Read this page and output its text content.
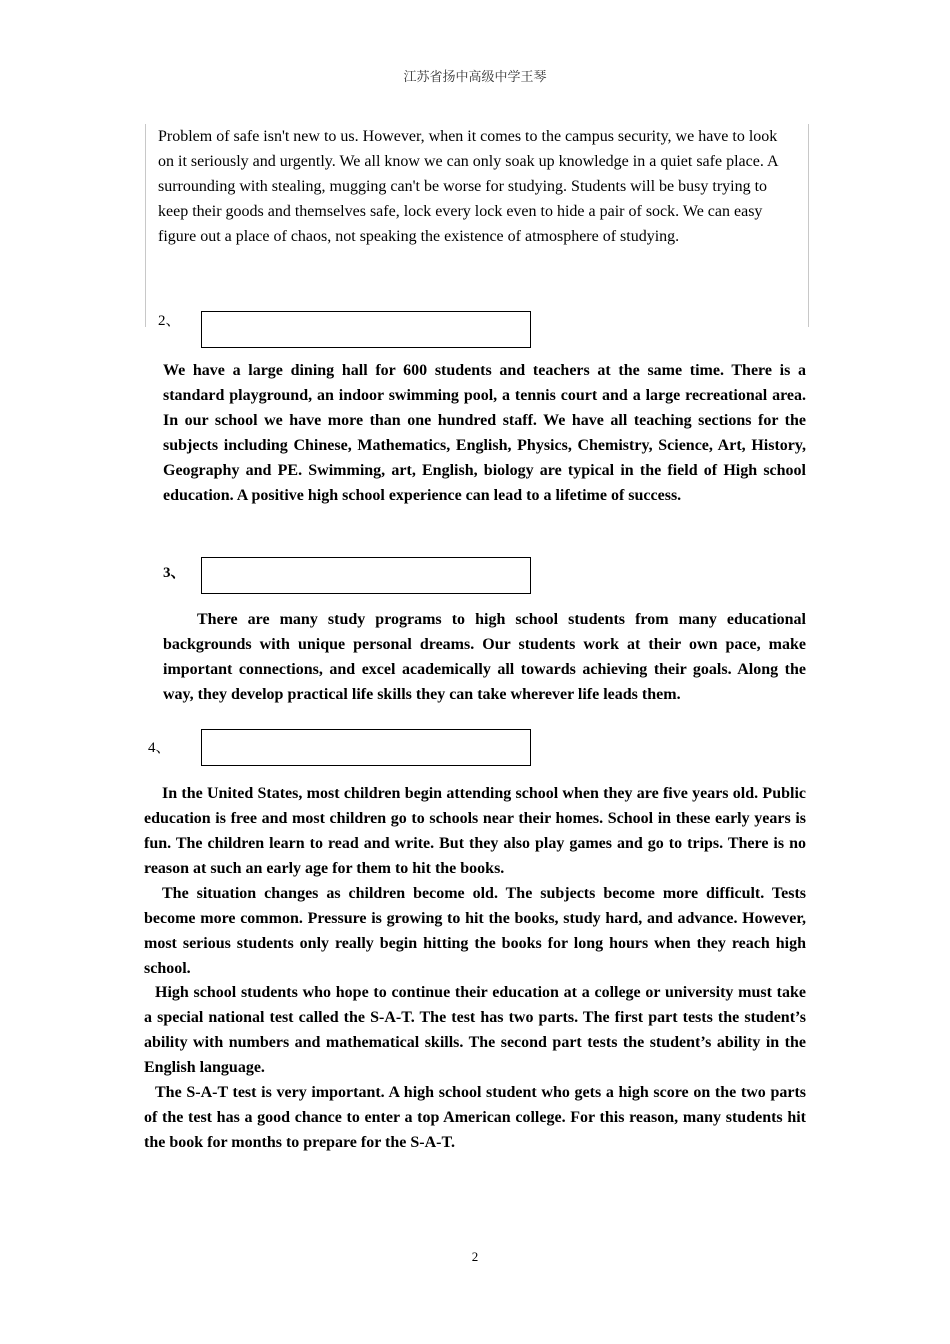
江苏省扬中高级中学王琴

Problem of safe isn't new to us. However, when it comes to the campus security, we have to look on it seriously and urgently. We all know we can only soak up knowledge in a quiet safe place. A surrounding with stealing, mugging can't be worse for studying. Students will be busy trying to keep their goods and themselves safe, lock every lock even to hide a pair of sock. We can easy figure out a place of chaos, not speaking the existence of atmosphere of studying.

2、

We have a large dining hall for 600 students and teachers at the same time. There is a standard playground, an indoor swimming pool, a tennis court and a large recreational area. In our school we have more than one hundred staff. We have all teaching sections for the subjects including Chinese, Mathematics, English, Physics, Chemistry, Science, Art, History, Geography and PE. Swimming, art, English, biology are typical in the field of High school education. A positive high school experience can lead to a lifetime of success.

3、

There are many study programs to high school students from many educational backgrounds with unique personal dreams. Our students work at their own pace, make important connections, and excel academically all towards achieving their goals. Along the way, they develop practical life skills they can take wherever life leads them.

4、

In the United States, most children begin attending school when they are five years old. Public education is free and most children go to schools near their homes. School in these early years is fun. The children learn to read and write. But they also play games and go to trips. There is no reason at such an early age for them to hit the books.

The situation changes as children become old. The subjects become more difficult. Tests become more common. Pressure is growing to hit the books, study hard, and advance. However, most serious students only really begin hitting the books for long hours when they reach high school.

High school students who hope to continue their education at a college or university must take a special national test called the S-A-T. The test has two parts. The first part tests the student’s ability with numbers and mathematical skills. The second part tests the student’s ability in the English language.

The S-A-T test is very important. A high school student who gets a high score on the two parts of the test has a good chance to enter a top American college. For this reason, many students hit the book for months to prepare for the S-A-T.

2
